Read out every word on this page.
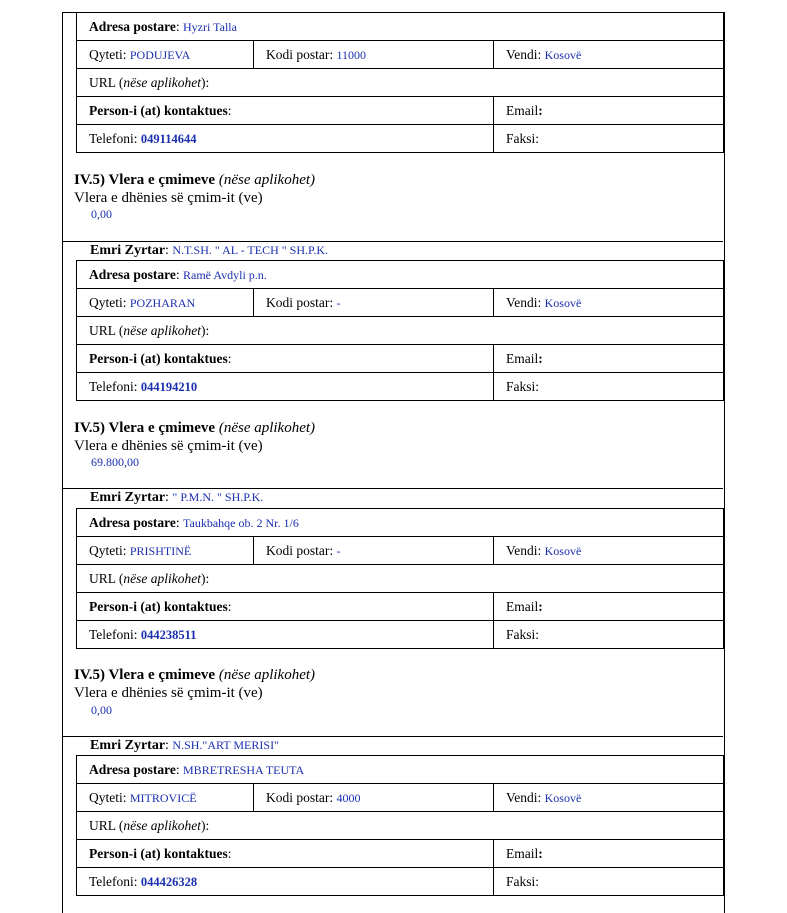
Adresa postare: Hyzri Talla		
Qyteti: PODUJEVA	Kodi postar: 11000	Vendi: Kosovë
URL (nëse aplikohet):		
Person-i (at) kontaktues:		Email:
Telefoni: 049114644		Faksi:
IV.5) Vlera e çmimeve (nëse aplikohet)
Vlera e dhënies së çmim-it (ve)
0,00
Emri Zyrtar: N.T.SH. " AL - TECH " SH.P.K.
Adresa postare: Ramë Avdyli p.n.		
Qyteti: POZHARAN	Kodi postar: -	Vendi: Kosovë
URL (nëse aplikohet):		
Person-i (at) kontaktues:		Email:
Telefoni: 044194210		Faksi:
IV.5) Vlera e çmimeve (nëse aplikohet)
Vlera e dhënies së çmim-it (ve)
69.800,00
Emri Zyrtar: " P.M.N. " SH.P.K.
Adresa postare: Taukbahqe ob. 2 Nr. 1/6		
Qyteti: PRISHTINË	Kodi postar: -	Vendi: Kosovë
URL (nëse aplikohet):		
Person-i (at) kontaktues:		Email:
Telefoni: 044238511		Faksi:
IV.5) Vlera e çmimeve (nëse aplikohet)
Vlera e dhënies së çmim-it (ve)
0,00
Emri Zyrtar: N.SH."ART MERISI"
Adresa postare: MBRETRESHA TEUTA		
Qyteti: MITROVICË	Kodi postar: 4000	Vendi: Kosovë
URL (nëse aplikohet):		
Person-i (at) kontaktues:		Email:
Telefoni: 044426328		Faksi:
